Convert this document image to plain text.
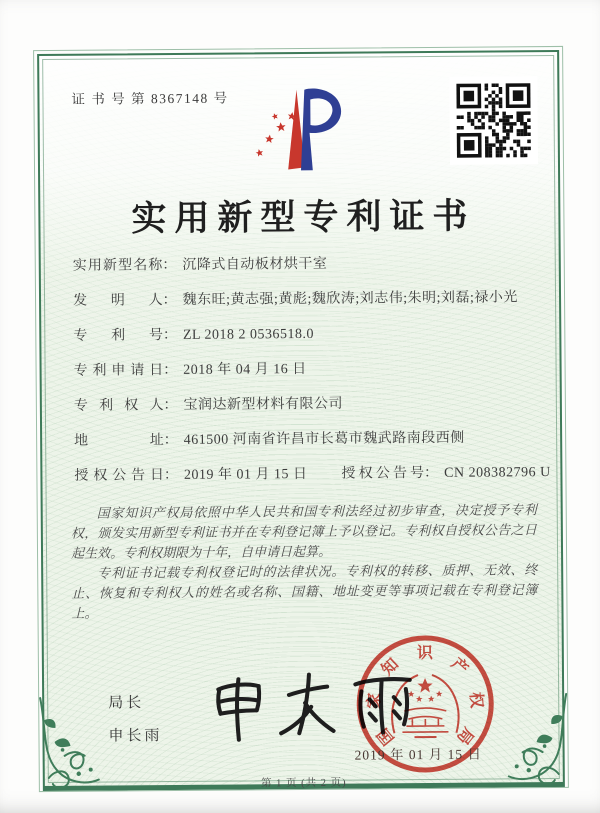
证 书 号 第 8367148 号
实用新型专利证书
实用新型名称： 沉降式自动板材烘干室
发明人： 魏东旺;黄志强;黄彪;魏欣涛;刘志伟;朱明;刘磊;禄小光
专利号： ZL 2018 2 0536518.0
专利申请日： 2018 年 04 月 16 日
专利权人： 宝润达新型材料有限公司
地址： 461500 河南省许昌市长葛市魏武路南段西侧
授权公告日： 2019 年 01 月 15 日 授权公告号： CN 208382796 U

国家知识产权局依照中华人民共和国专利法经过初步审查，决定授予专利权，颁发实用新型专利证书并在专利登记簿上予以登记。专利权自授权公告之日起生效。专利权期限为十年，自申请日起算。

专利证书记载专利权登记时的法律状况。专利权的转移、质押、无效、终止、恢复和专利权人的姓名或名称、国籍、地址变更等事项记载在专利登记簿上。

局长
申长雨	国
家
知
识
产
权
局
2019 年 01 月 15 日
第 1 页 (共 2 页)
